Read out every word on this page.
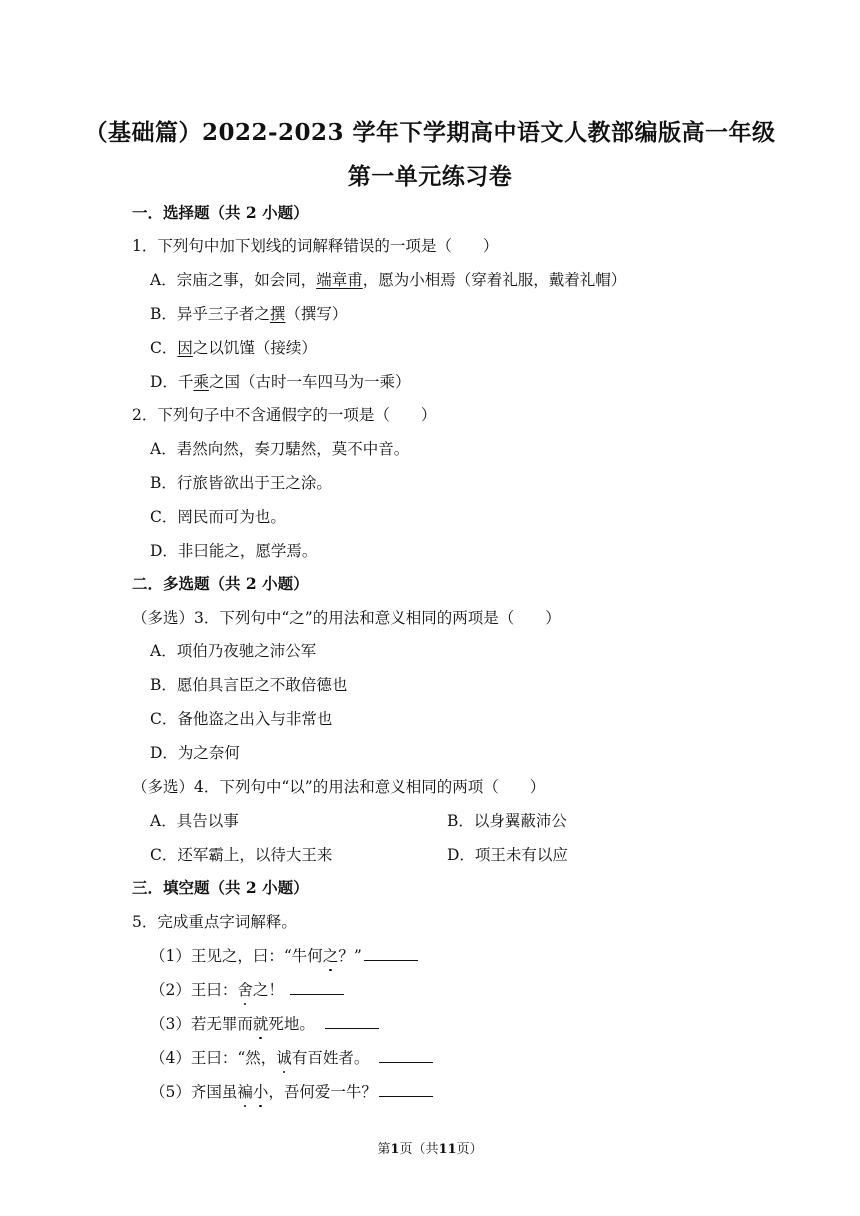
（基础篇）2022-2023 学年下学期高中语文人教部编版高一年级
第一单元练习卷
一．选择题（共 2 小题）
1．下列句中加下划线的词解释错误的一项是（　　）
A．宗庙之事，如会同，端章甫，愿为小相焉（穿着礼服，戴着礼帽）
B．异乎三子者之撰（撰写）
C．因之以饥馑（接续）
D．千乘之国（古时一车四马为一乘）
2．下列句子中不含通假字的一项是（　　）
A．砉然向然，奏刀騞然，莫不中音。
B．行旅皆欲出于王之涂。
C．罔民而可为也。
D．非曰能之，愿学焉。
二．多选题（共 2 小题）
（多选）3．下列句中“之”的用法和意义相同的两项是（　　）
A．项伯乃夜驰之沛公军
B．愿伯具言臣之不敢倍德也
C．备他盗之出入与非常也
D．为之奈何
（多选）4．下列句中“以”的用法和意义相同的两项（　　）
A．具告以事	B．以身翼蔽沛公
C．还军霸上，以待大王来	D．项王未有以应
三．填空题（共 2 小题）
5．完成重点字词解释。
（1）王见之，曰：“牛何之？”
（2）王曰：舍之！
（3）若无罪而就死地。
（4）王曰：“然，诚有百姓者。
（5）齐国虽褊小，吾何爱一牛？
第1页（共11页）
